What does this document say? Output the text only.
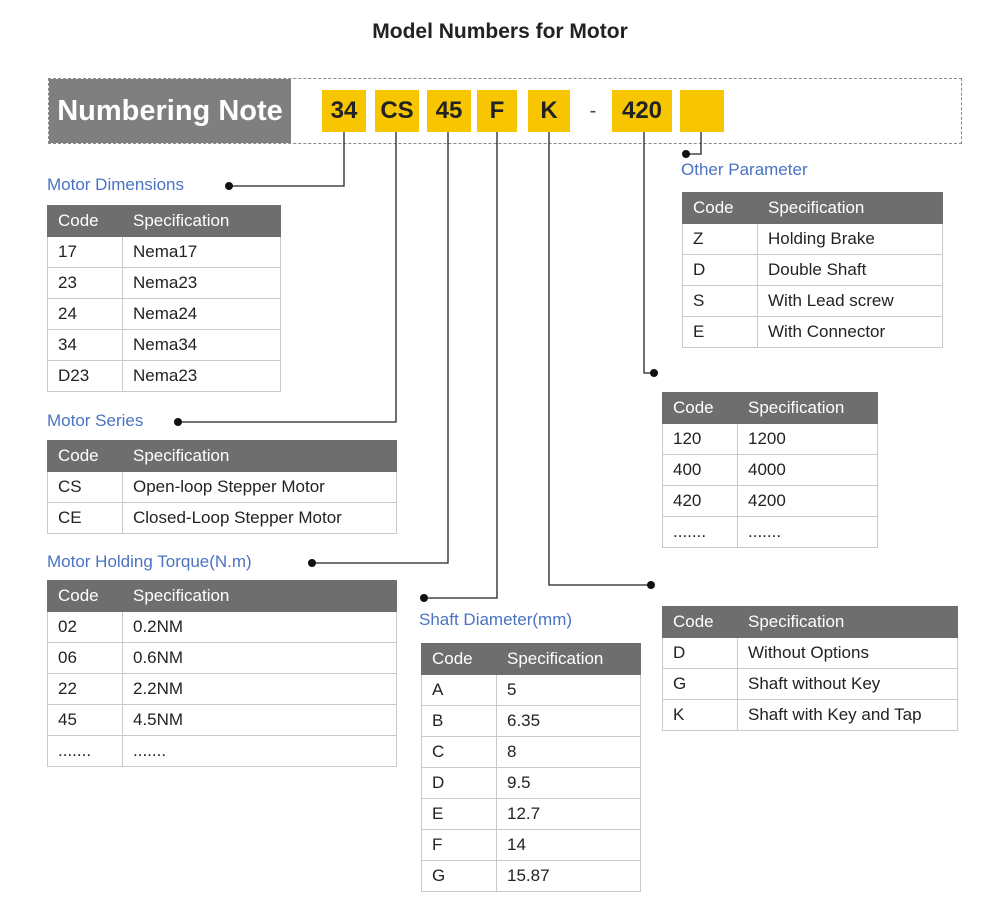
Model Numbers for Motor
Numbering Note	34 CS 45	F	K	-	420
Motor Dimensions
Code	Specification
17	Nema17
23	Nema23
24	Nema24
34	Nema34
D23	Nema23
Motor Series
Code	Specification
CS	Open-loop Stepper Motor
CE	Closed-Loop Stepper Motor
Motor Holding Torque(N.m)
Code	Specification
02	0.2NM
06	0.6NM
22	2.2NM
45	4.5NM
.......	.......
Shaft Diameter(mm)
Code	Specification
A	5
B	6.35
C	8
D	9.5
E	12.7
F	14
G	15.87
Other Parameter
Code	Specification
Z	Holding Brake
D	Double Shaft
S	With Lead screw
E	With Connector
Code	Specification
120	1200
400	4000
420	4200
.......	.......
Code	Specification
D	Without Options
G	Shaft without Key
K	Shaft with Key and Tap
